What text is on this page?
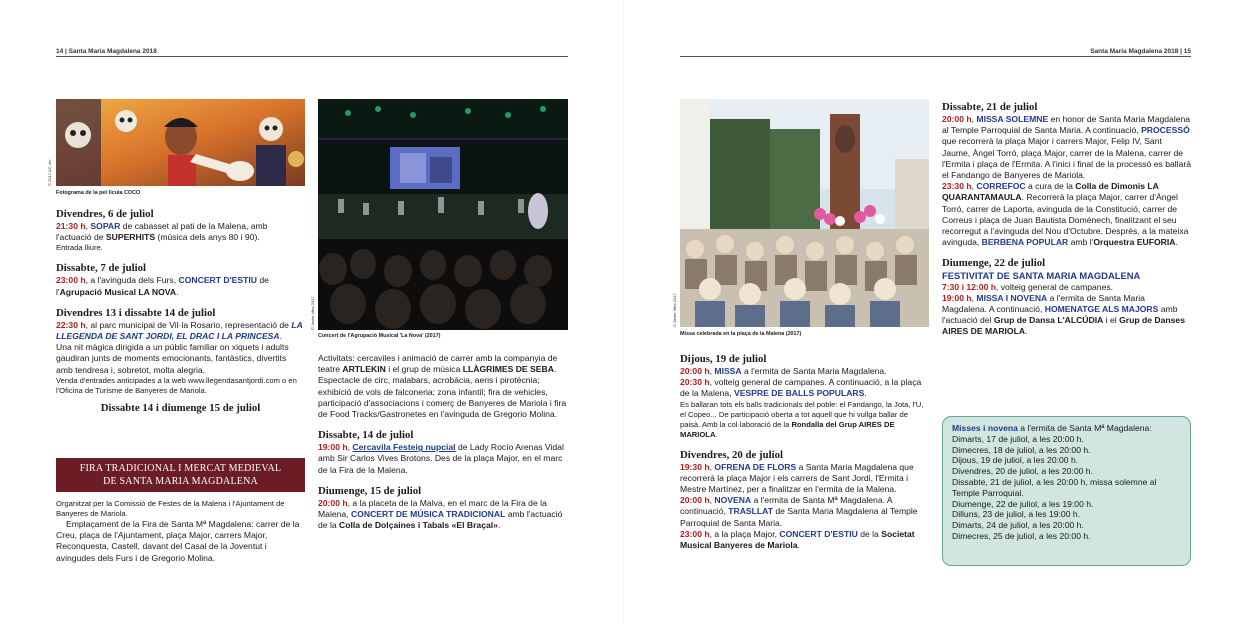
14 | Santa Maria Magdalena 2018	Santa Maria Magdalena 2018 | 15
© 2017 AZ, etc
Fotograma de la pel·lícula COCO
© Javier Mira 2017
Concert de l'Agrupació Musical 'La Nova' (2017)
© Javier Mira 2017
Missa celebrada en la plaça de la Malena (2017)

Divendres, 6 de juliol

21:30 h, SOPAR de cabasset al pati de la Malena, amb l'actuació de SUPERHITS (música dels anys 80 i 90).

Entrada lliure.

Dissabte, 7 de juliol

23:00 h, a l'avinguda dels Furs, CONCERT D'ESTIU de l'Agrupació Musical LA NOVA.

Divendres 13 i dissabte 14 de juliol

22:30 h, al parc municipal de Vil·la Rosario, representació de LA LLEGENDA DE SANT JORDI, EL DRAC I LA PRINCESA.

Una nit màgica dirigida a un públic familiar on xiquets i adults gaudiran junts de moments emocionants, fantàstics, divertits amb tendresa i, sobretot, molta alegria.

Venda d'entrades anticipades a la web www.llegendasantjordi.com o en l'Oficina de Turisme de Banyeres de Mariola.

Dissabte 14 i diumenge 15 de juliol

FIRA TRADICIONAL I MERCAT MEDIEVAL
DE SANTA MARIA MAGDALENA

Organitzat per la Comissió de Festes de la Malena i l'Ajuntament de Banyeres de Mariola.

Emplaçament de la Fira de Santa Mª Magdalena: carrer de la Creu, plaça de l'Ajuntament, plaça Major, carrers Major, Reconquesta, Castell, davant del Casal de la Joventut i avingudes dels Furs i de Gregorio Molina.

Activitats: cercaviles i animació de carrer amb la companyia de teatre ARTLEKIN i el grup de música LLÀGRIMES DE SEBA. Espectacle de circ, malabars, acrobàcia, aeris i pirotècnia; exhibició de vols de falconeria; zona infantil; fira de vehicles, participació d'associacions i comerç de Banyeres de Mariola i fira de Food Tracks/Gastronetes en l'avinguda de Gregorio Molina.

Dissabte, 14 de juliol

19:00 h, Cercavila Festeig nupcial de Lady Rocío Arenas Vidal amb Sir Carlos Vives Brotons. Des de la plaça Major, en el marc de la Fira de la Malena.

Diumenge, 15 de juliol

20:00 h, a la placeta de la Malva, en el marc de la Fira de la Malena, CONCERT DE MÚSICA TRADICIONAL amb l'actuació de la Colla de Dolçaines i Tabals «El Braçal».

Dijous, 19 de juliol

20:00 h, MISSA a l'ermita de Santa Maria Magdalena.

20:30 h, volteig general de campanes. A continuació, a la plaça de la Malena, VESPRE DE BALLS POPULARS.

Es ballaran tots els balls tradicionals del poble: el Fandango, la Jota, l'U, el Copeo... De participació oberta a tot aquell que hi vullga ballar de paisà. Amb la col·laboració de la Rondalla del Grup AIRES DE MARIOLA.

Divendres, 20 de juliol

19:30 h, OFRENA DE FLORS a Santa Maria Magdalena que recorrerà la plaça Major i els carrers de Sant Jordi, l'Ermita i Mestre Martínez, per a finalitzar en l'ermita de la Malena.

20:00 h, NOVENA a l'ermita de Santa Mª Magdalena. A continuació, TRASLLAT de Santa Maria Magdalena al Temple Parroquial de Santa Maria.

23:00 h, a la plaça Major, CONCERT D'ESTIU de la Societat Musical Banyeres de Mariola.

Dissabte, 21 de juliol

20:00 h, MISSA SOLEMNE en honor de Santa Maria Magdalena al Temple Parroquial de Santa Maria. A continuació, PROCESSÓ que recorrerà la plaça Major i carrers Major, Felip IV, Sant Jaume, Àngel Torró, plaça Major, carrer de la Malena, carrer de l'Ermita i plaça de l'Ermita. A l'inici i final de la processó es ballarà el Fandango de Banyeres de Mariola.

23:30 h, CORREFOC a cura de la Colla de Dimonis LA QUARANTAMAULA. Recorrerà la plaça Major, carrer d'Àngel Torró, carrer de Laporta, avinguda de la Constitució, carrer de Correus i plaça de Juan Bautista Doménech, finalitzant el seu recorregut a l'avinguda del Nou d'Octubre. Després, a la mateixa avinguda, BERBENA POPULAR amb l'Orquestra EUFORIA.

Diumenge, 22 de juliol

FESTIVITAT DE SANTA MARIA MAGDALENA

7:30 i 12:00 h, volteig general de campanes.

19:00 h, MISSA I NOVENA a l'ermita de Santa Maria Magdalena. A continuació, HOMENATGE ALS MAJORS amb l'actuació del Grup de Dansa L'ALCÚDIA i el Grup de Danses AIRES DE MARIOLA.

Misses i novena a l'ermita de Santa Mª Magdalena:

Dimarts, 17 de juliol, a les 20:00 h.
Dimecres, 18 de juliol, a les 20:00 h.
Dijous, 19 de juliol, a les 20:00 h.
Divendres, 20 de juliol, a les 20:00 h.
Dissabte, 21 de juliol, a les 20:00 h, missa solemne al Temple Parroquial.
Diumenge, 22 de juliol, a les 19:00 h.
Dilluns, 23 de juliol, a les 19:00 h.
Dimarts, 24 de juliol, a les 20:00 h.
Dimecres, 25 de juliol, a les 20:00 h.
